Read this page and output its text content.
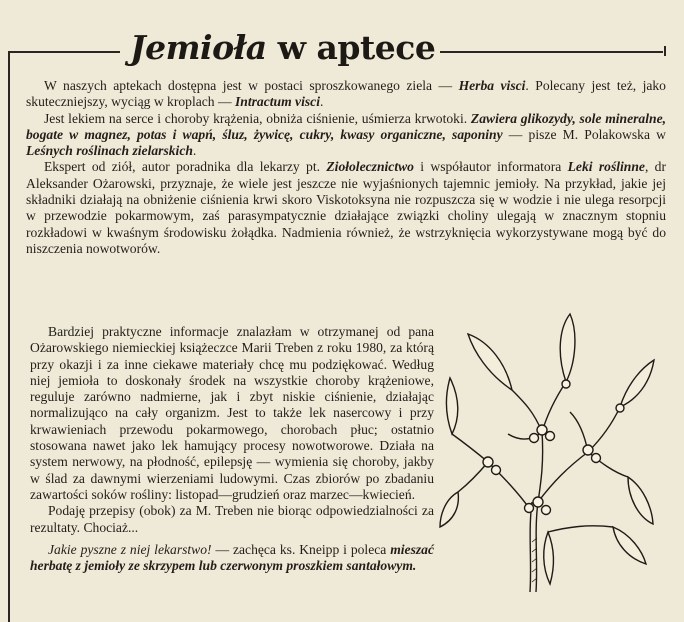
Jemioła w aptece

W naszych aptekach dostępna jest w postaci sproszkowanego ziela — Herba visci. Polecany jest też, jako skuteczniejszy, wyciąg w kroplach — Intractum visci.

Jest lekiem na serce i choroby krążenia, obniża ciśnienie, uśmierza krwotoki. Zawiera glikozydy, sole mineralne, bogate w magnez, potas i wapń, śluz, żywicę, cukry, kwasy organiczne, saponiny — pisze M. Polakowska w Leśnych roślinach zielarskich.

Ekspert od ziół, autor poradnika dla lekarzy pt. Ziołolecznictwo i współautor informatora Leki roślinne, dr Aleksander Ożarowski, przyznaje, że wiele jest jeszcze nie wyjaśnionych tajemnic jemioły. Na przykład, jakie jej składniki działają na obniżenie ciśnienia krwi skoro Viskotoksyna nie rozpuszcza się w wodzie i nie ulega resorpcji w przewodzie pokarmowym, zaś parasympatycznie działające związki choliny ulegają w znacznym stopniu rozkładowi w kwaśnym środowisku żołądka. Nadmienia również, że wstrzyknięcia wykorzystywane mogą być do niszczenia nowotworów.

Bardziej praktyczne informacje znalazłam w otrzymanej od pana Ożarowskiego niemieckiej książeczce Marii Treben z roku 1980, za którą przy okazji i za inne ciekawe materiały chcę mu podziękować. Według niej jemioła to doskonały środek na wszystkie choroby krążeniowe, reguluje zarówno nadmierne, jak i zbyt niskie ciśnienie, działając normalizująco na cały organizm. Jest to także lek nasercowy i przy krwawieniach przewodu pokarmowego, chorobach płuc; ostatnio stosowana nawet jako lek hamujący procesy nowotworowe. Działa na system nerwowy, na płodność, epilepsję — wymienia się choroby, jakby w ślad za dawnymi wierzeniami ludowymi. Czas zbiorów po zbadaniu zawartości soków rośliny: listopad—grudzień oraz marzec—kwiecień.

Podaję przepisy (obok) za M. Treben nie biorąc odpowiedzialności za rezultaty. Chociaż...

Jakie pyszne z niej lekarstwo! — zachęca ks. Kneipp i poleca mieszać herbatę z jemioły ze skrzypem lub czerwonym proszkiem santałowym.
